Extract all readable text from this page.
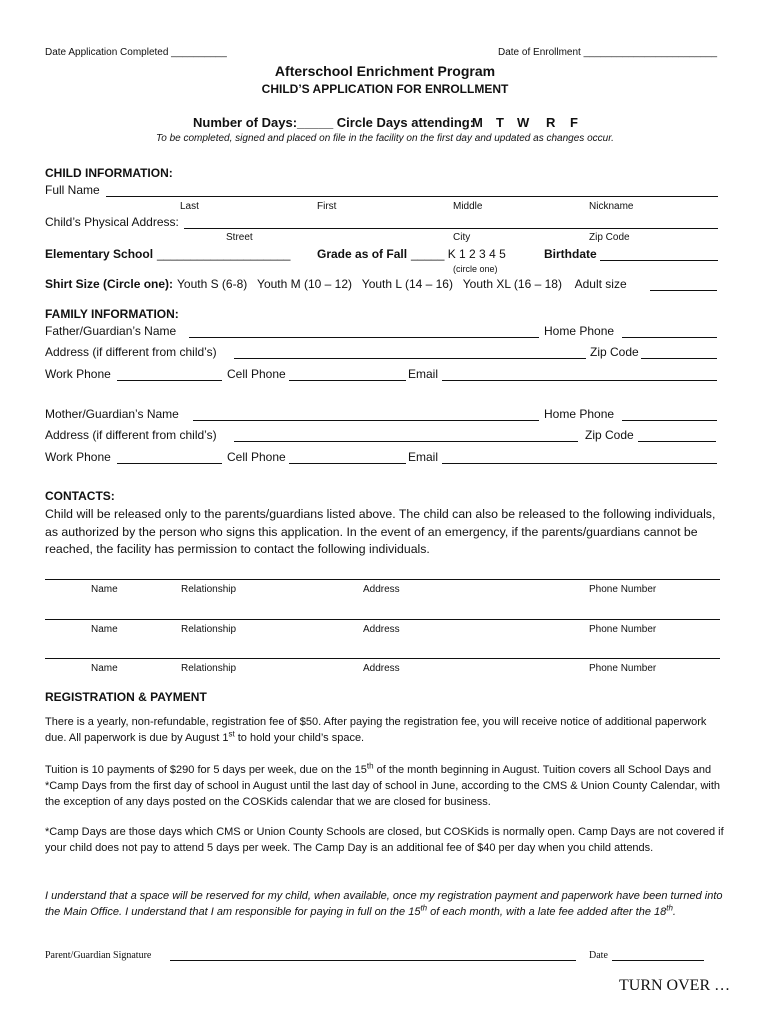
Date Application Completed __________	Date of Enrollment ________________________
Afterschool Enrichment Program
CHILD’S APPLICATION FOR ENROLLMENT
Number of Days:_____ Circle Days attending:
M T W R F
To be completed, signed and placed on file in the facility on the first day and updated as changes occur.
CHILD INFORMATION:
Full Name
Last	First	Middle	Nickname
Child’s Physical Address:
Street	City	Zip Code
Elementary School ____________________ Grade as of Fall _____ K 1 2 3 4 5
(circle one)
Birthdate
Shirt Size (Circle one): Youth S (6-8)   Youth M (10 – 12)   Youth L (14 – 16)   Youth XL (16 – 18)    Adult size
FAMILY INFORMATION:
Father/Guardian’s Name	Home Phone
Address (if different from child’s)	Zip Code
Work Phone	Cell Phone	Email
Mother/Guardian’s Name	Home Phone
Address (if different from child’s)	Zip Code
Work Phone	Cell Phone	Email
CONTACTS:
Child will be released only to the parents/guardians listed above. The child can also be released to the following individuals, as authorized by the person who signs this application. In the event of an emergency, if the parents/guardians cannot be reached, the facility has permission to contact the following individuals.
Name	Relationship	Address	Phone Number
Name	Relationship	Address	Phone Number
Name	Relationship	Address	Phone Number
REGISTRATION & PAYMENT
There is a yearly, non-refundable, registration fee of $50. After paying the registration fee, you will receive notice of additional paperwork due. All paperwork is due by August 1st to hold your child’s space.
Tuition is 10 payments of $290 for 5 days per week, due on the 15th of the month beginning in August. Tuition covers all School Days and *Camp Days from the first day of school in August until the last day of school in June, according to the CMS & Union County Calendar, with the exception of any days posted on the COSKids calendar that we are closed for business.
*Camp Days are those days which CMS or Union County Schools are closed, but COSKids is normally open. Camp Days are not covered if your child does not pay to attend 5 days per week. The Camp Day is an additional fee of $40 per day when you child attends.
I understand that a space will be reserved for my child, when available, once my registration payment and paperwork have been turned into the Main Office. I understand that I am responsible for paying in full on the 15th of each month, with a late fee added after the 18th.
Parent/Guardian Signature	Date
TURN OVER …
